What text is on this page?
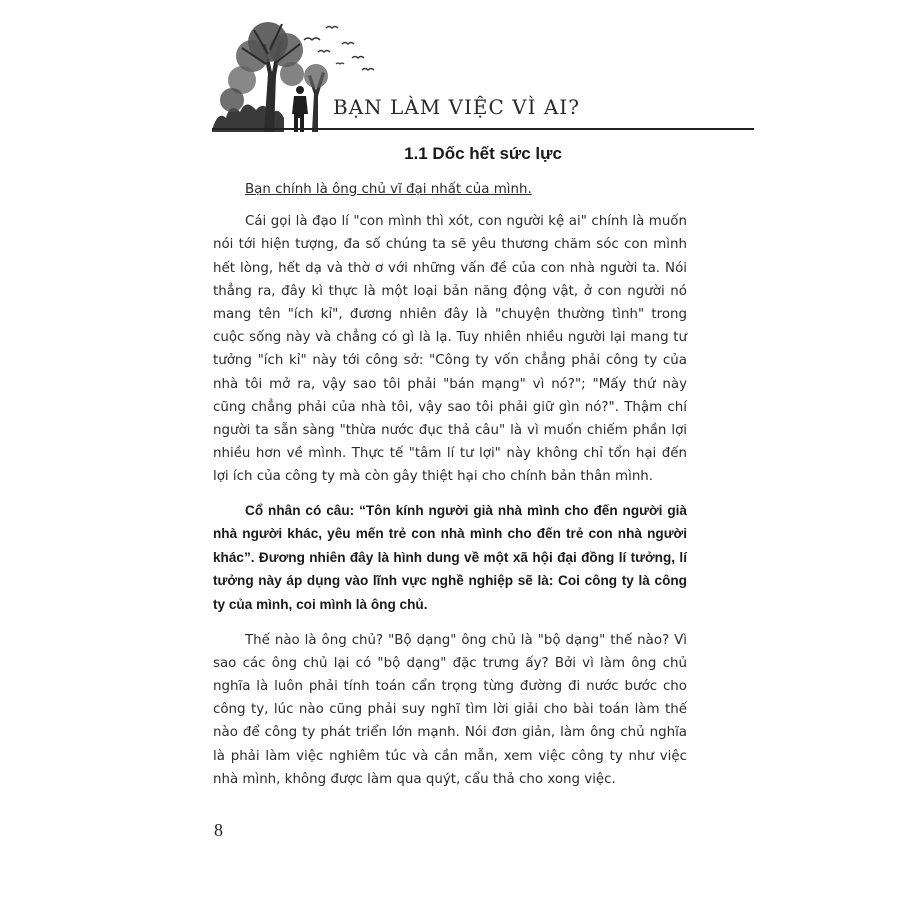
BẠN LÀM VIỆC VÌ AI?
1.1 Dốc hết sức lực

Bạn chính là ông chủ vĩ đại nhất của mình.

Cái gọi là đạo lí "con mình thì xót, con người kệ ai" chính là muốn nói tới hiện tượng, đa số chúng ta sẽ yêu thương chăm sóc con mình hết lòng, hết dạ và thờ ơ với những vấn đề của con nhà người ta. Nói thẳng ra, đây kì thực là một loại bản năng động vật, ở con người nó mang tên "ích kỉ", đương nhiên đây là "chuyện thường tình" trong cuộc sống này và chẳng có gì là lạ. Tuy nhiên nhiều người lại mang tư tưởng "ích kỉ" này tới công sở: "Công ty vốn chẳng phải công ty của nhà tôi mở ra, vậy sao tôi phải "bán mạng" vì nó?"; "Mấy thứ này cũng chẳng phải của nhà tôi, vậy sao tôi phải giữ gìn nó?". Thậm chí người ta sẵn sàng "thừa nước đục thả câu" là vì muốn chiếm phần lợi nhiều hơn về mình. Thực tế "tâm lí tư lợi" này không chỉ tổn hại đến lợi ích của công ty mà còn gây thiệt hại cho chính bản thân mình.

Cổ nhân có câu: “Tôn kính người già nhà mình cho đến người già nhà người khác, yêu mến trẻ con nhà mình cho đến trẻ con nhà người khác”. Đương nhiên đây là hình dung về một xã hội đại đồng lí tưởng, lí tưởng này áp dụng vào lĩnh vực nghề nghiệp sẽ là: Coi công ty là công ty của mình, coi mình là ông chủ.

Thế nào là ông chủ? "Bộ dạng" ông chủ là "bộ dạng" thế nào? Vì sao các ông chủ lại có "bộ dạng" đặc trưng ấy? Bởi vì làm ông chủ nghĩa là luôn phải tính toán cẩn trọng từng đường đi nước bước cho công ty, lúc nào cũng phải suy nghĩ tìm lời giải cho bài toán làm thế nào để công ty phát triển lớn mạnh. Nói đơn giản, làm ông chủ nghĩa là phải làm việc nghiêm túc và cần mẫn, xem việc công ty như việc nhà mình, không được làm qua quýt, cẩu thả cho xong việc.

8
